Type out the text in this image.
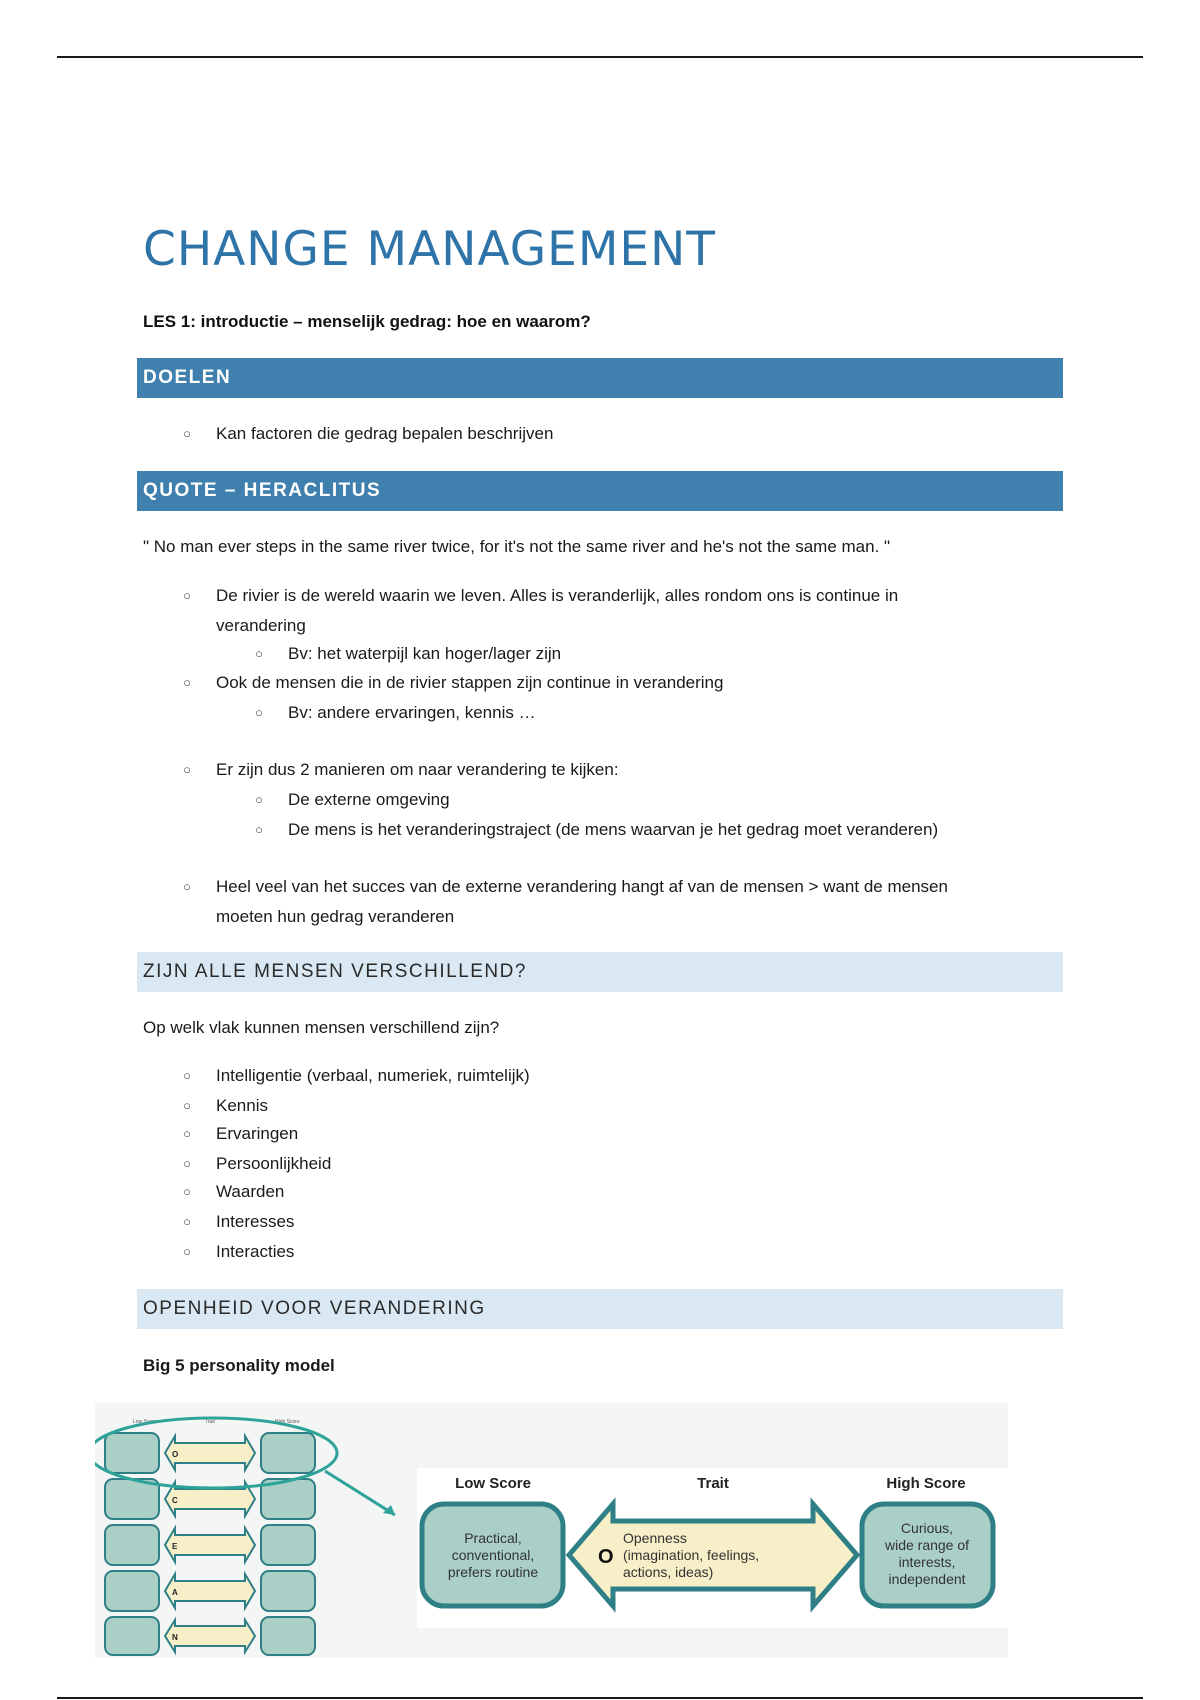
CHANGE MANAGEMENT
LES 1: introductie – menselijk gedrag: hoe en waarom?
DOELEN
○ Kan factoren die gedrag bepalen beschrijven
QUOTE – HERACLITUS
" No man ever steps in the same river twice, for it's not the same river and he's not the same man. "
○ De rivier is de wereld waarin we leven. Alles is veranderlijk, alles rondom ons is continue in
verandering
○ Bv: het waterpijl kan hoger/lager zijn
○ Ook de mensen die in de rivier stappen zijn continue in verandering
○ Bv: andere ervaringen, kennis …
○ Er zijn dus 2 manieren om naar verandering te kijken:
○ De externe omgeving
○ De mens is het veranderingstraject (de mens waarvan je het gedrag moet veranderen)
○ Heel veel van het succes van de externe verandering hangt af van de mensen > want de mensen
moeten hun gedrag veranderen
ZIJN ALLE MENSEN VERSCHILLEND?
Op welk vlak kunnen mensen verschillend zijn?
○ Intelligentie (verbaal, numeriek, ruimtelijk)
○ Kennis
○ Ervaringen
○ Persoonlijkheid
○ Waarden
○ Interesses
○ Interacties
OPENHEID VOOR VERANDERING
Big 5 personality model
Low Score	Trait	High Score
O
C
E
A
N
Low Score	Trait	High Score
Practical,
conventional,
prefers routine
O
Openness
(imagination, feelings,
actions, ideas)
Curious,
wide range of
interests,
independent
